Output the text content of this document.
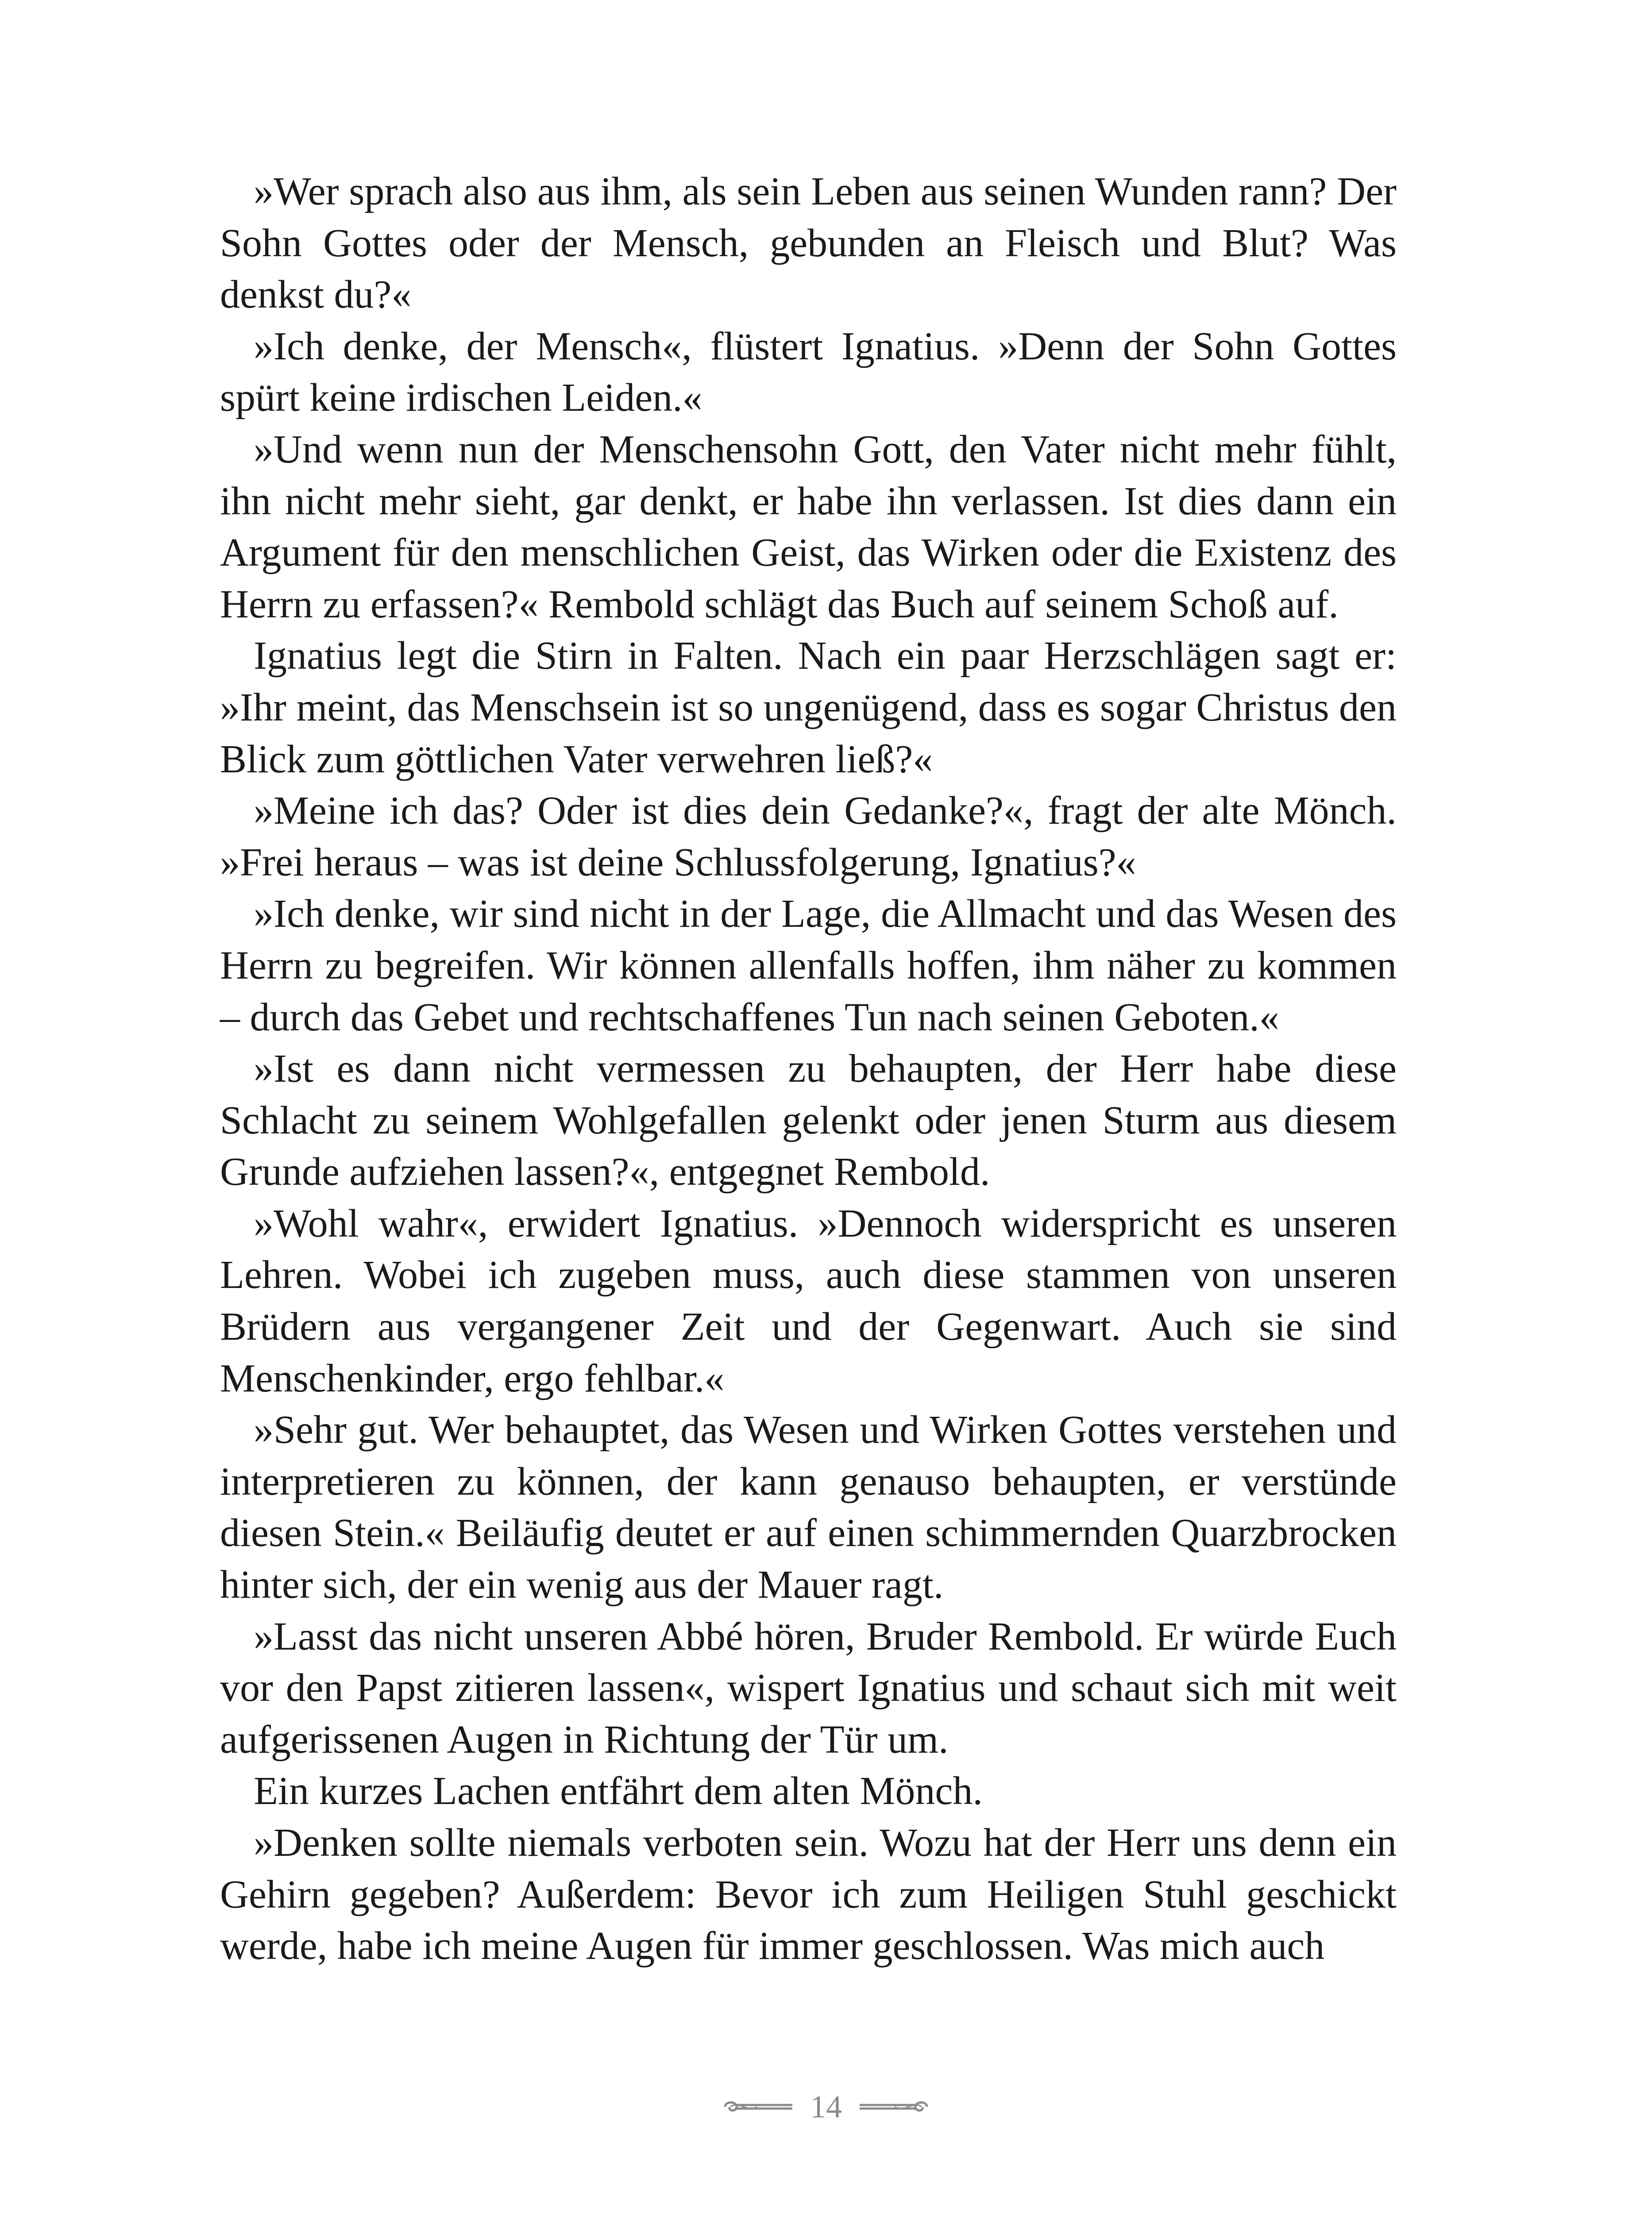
»Wer sprach also aus ihm, als sein Leben aus seinen Wunden rann? Der Sohn Gottes oder der Mensch, gebunden an Fleisch und Blut? Was denkst du?«

»Ich denke, der Mensch«, flüstert Ignatius. »Denn der Sohn Gottes spürt keine irdischen Leiden.«

»Und wenn nun der Menschensohn Gott, den Vater nicht mehr fühlt, ihn nicht mehr sieht, gar denkt, er habe ihn verlassen. Ist dies dann ein Argument für den menschlichen Geist, das Wirken oder die Existenz des Herrn zu erfassen?« Rembold schlägt das Buch auf seinem Schoß auf.

Ignatius legt die Stirn in Falten. Nach ein paar Herzschlägen sagt er: »Ihr meint, das Menschsein ist so ungenügend, dass es sogar Christus den Blick zum göttlichen Vater verwehren ließ?«

»Meine ich das? Oder ist dies dein Gedanke?«, fragt der alte Mönch. »Frei heraus – was ist deine Schlussfolgerung, Ignatius?«

»Ich denke, wir sind nicht in der Lage, die Allmacht und das Wesen des Herrn zu begreifen. Wir können allenfalls hoffen, ihm näher zu kommen – durch das Gebet und rechtschaffenes Tun nach seinen Geboten.«

»Ist es dann nicht vermessen zu behaupten, der Herr habe diese Schlacht zu seinem Wohlgefallen gelenkt oder jenen Sturm aus diesem Grunde aufziehen lassen?«, entgegnet Rembold.

»Wohl wahr«, erwidert Ignatius. »Dennoch widerspricht es unseren Lehren. Wobei ich zugeben muss, auch diese stammen von unseren Brüdern aus vergangener Zeit und der Gegenwart. Auch sie sind Menschenkinder, ergo fehlbar.«

»Sehr gut. Wer behauptet, das Wesen und Wirken Gottes verstehen und interpretieren zu können, der kann genauso behaupten, er verstünde diesen Stein.« Beiläufig deutet er auf einen schimmernden Quarzbrocken hinter sich, der ein wenig aus der Mauer ragt.

»Lasst das nicht unseren Abbé hören, Bruder Rembold. Er würde Euch vor den Papst zitieren lassen«, wispert Ignatius und schaut sich mit weit aufgerissenen Augen in Richtung der Tür um.

Ein kurzes Lachen entfährt dem alten Mönch.

»Denken sollte niemals verboten sein. Wozu hat der Herr uns denn ein Gehirn gegeben? Außerdem: Bevor ich zum Heiligen Stuhl geschickt werde, habe ich meine Augen für immer geschlossen. Was mich auch

14
